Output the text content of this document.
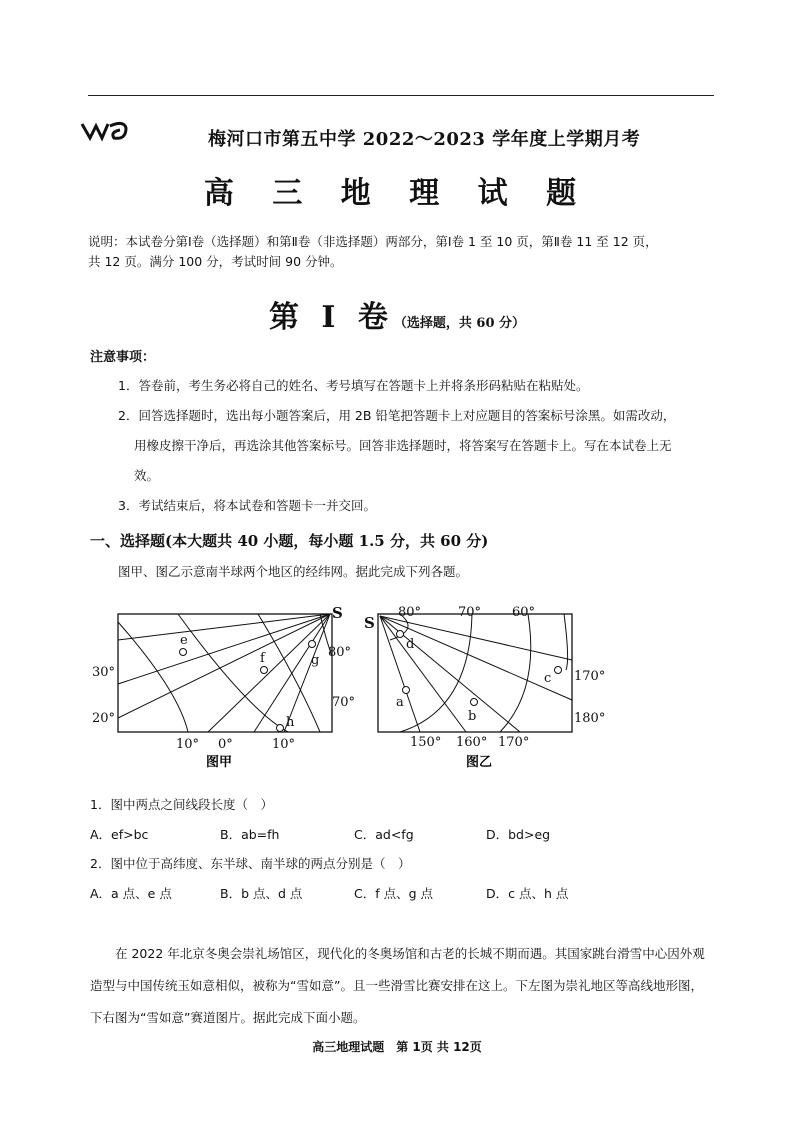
梅河口市第五中学 2022～2023 学年度上学期月考
高 三 地 理 试 题
说明：本试卷分第Ⅰ卷（选择题）和第Ⅱ卷（非选择题）两部分，第Ⅰ卷 1 至 10 页，第Ⅱ卷 11 至 12 页，
共 12 页。满分 100 分，考试时间 90 分钟。
第 Ⅰ 卷（选择题，共 60 分）
注意事项：
1．答卷前，考生务必将自己的姓名、考号填写在答题卡上并将条形码粘贴在粘贴处。
2．回答选择题时，选出每小题答案后，用 2B 铅笔把答题卡上对应题目的答案标号涂黑。如需改动，
用橡皮擦干净后，再选涂其他答案标号。回答非选择题时，将答案写在答题卡上。写在本试卷上无
效。
3．考试结束后，将本试卷和答题卡一并交回。
一、选择题(本大题共 40 小题，每小题 1.5 分，共 60 分)
图甲、图乙示意南半球两个地区的经纬网。据此完成下列各题。
e
f	g
h
S
30°
20°
80°
70°
10° 0°	10°
图甲
a
b
c
d
S
80°	70° 60°
170°
180°
150° 160° 170°
图乙
1．图中两点之间线段长度（　）
A．ef>bc	B．ab=fh	C．ad<fg	D．bd>eg
2．图中位于高纬度、东半球、南半球的两点分别是（　）
A．a 点、e 点	B．b 点、d 点	C．f 点、g 点	D．c 点、h 点
在 2022 年北京冬奥会崇礼场馆区，现代化的冬奥场馆和古老的长城不期而遇。其国家跳台滑雪中心因外观造型与中国传统玉如意相似，被称为“雪如意”。且一些滑雪比赛安排在这上。下左图为崇礼地区等高线地形图，下右图为“雪如意”赛道图片。据此完成下面小题。
高三地理试题　第 1页 共 12页
